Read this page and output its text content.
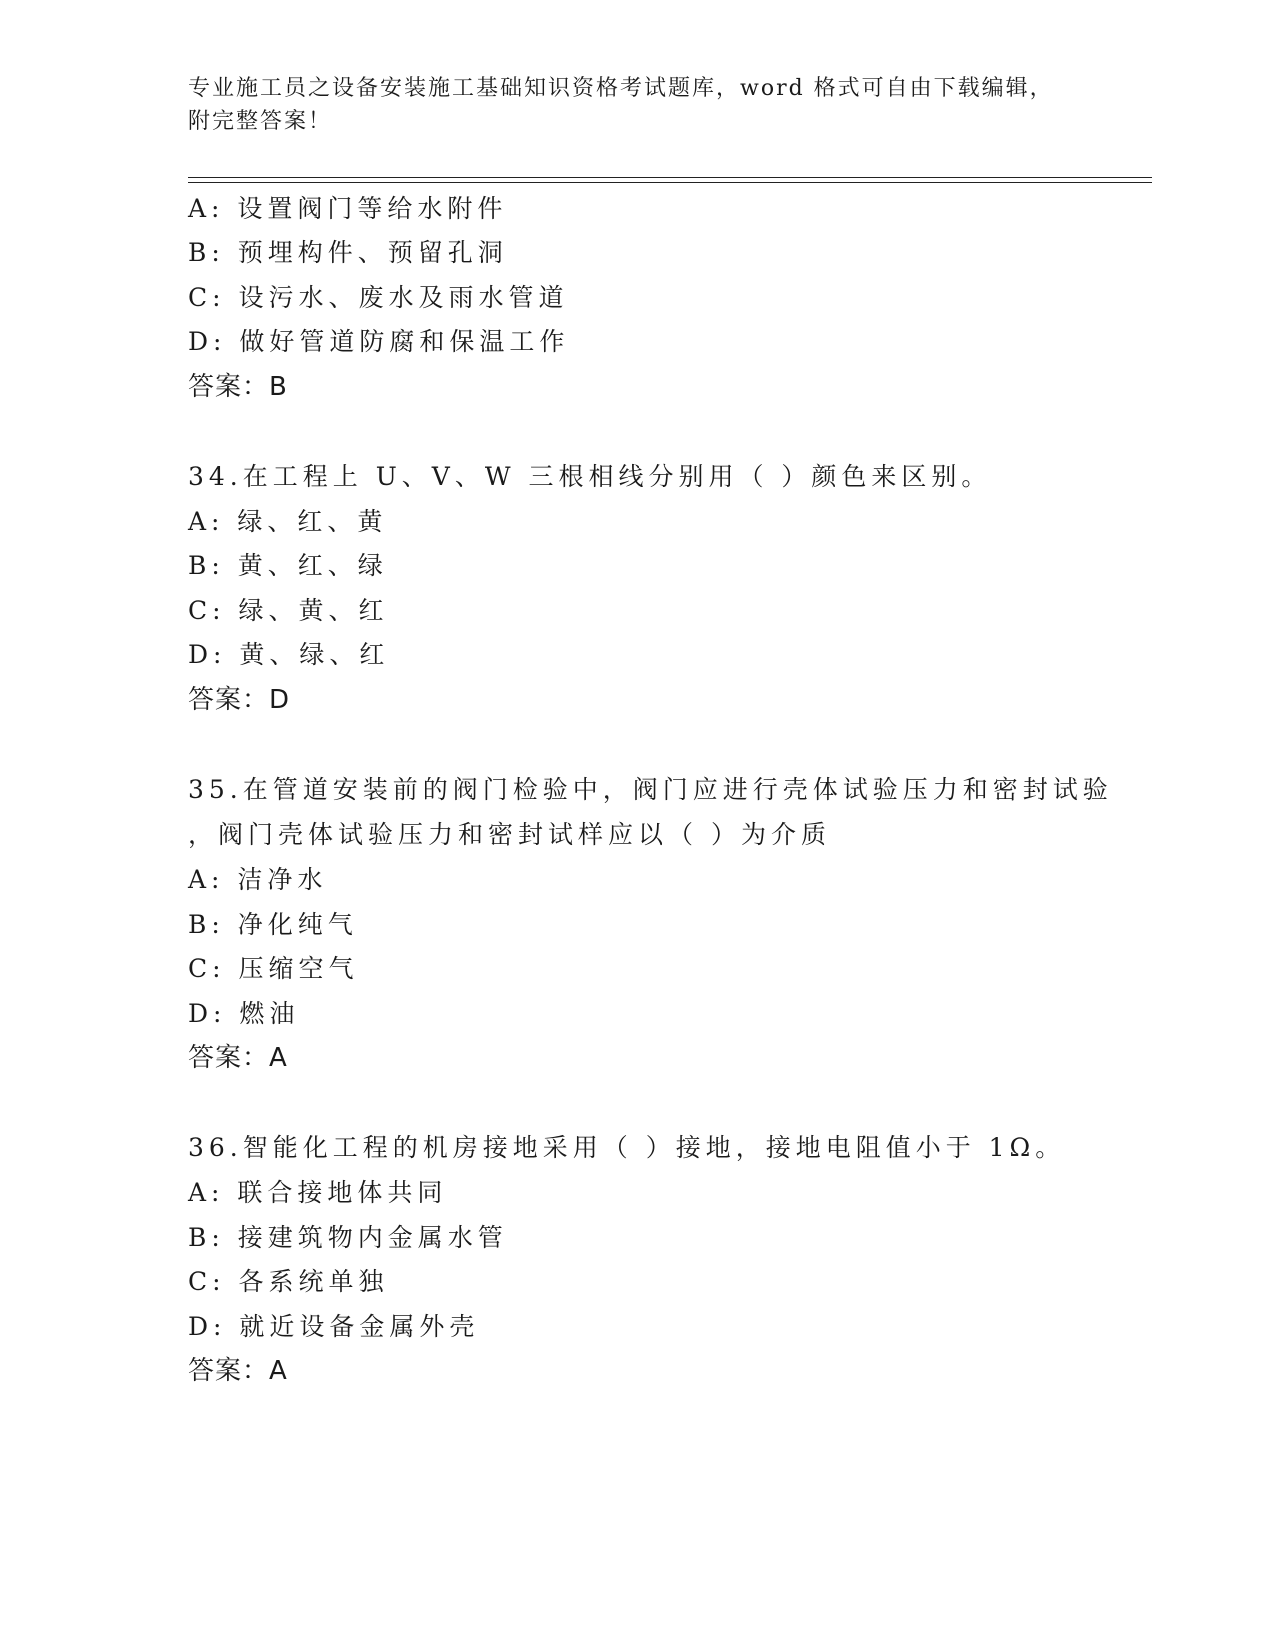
专业施工员之设备安装施工基础知识资格考试题库，word 格式可自由下载编辑，
附完整答案！
A: 设置阀门等给水附件
B: 预埋构件、预留孔洞
C: 设污水、废水及雨水管道
D: 做好管道防腐和保温工作
答案：B
34.在工程上 U、V、W 三根相线分别用（ ）颜色来区别。
A: 绿、红、黄
B: 黄、红、绿
C: 绿、黄、红
D: 黄、绿、红
答案：D
35.在管道安装前的阀门检验中，阀门应进行壳体试验压力和密封试验
，阀门壳体试验压力和密封试样应以（ ）为介质
A: 洁净水
B: 净化纯气
C: 压缩空气
D: 燃油
答案：A
36.智能化工程的机房接地采用（ ）接地，接地电阻值小于 1Ω。
A: 联合接地体共同
B: 接建筑物内金属水管
C: 各系统单独
D: 就近设备金属外壳
答案：A
